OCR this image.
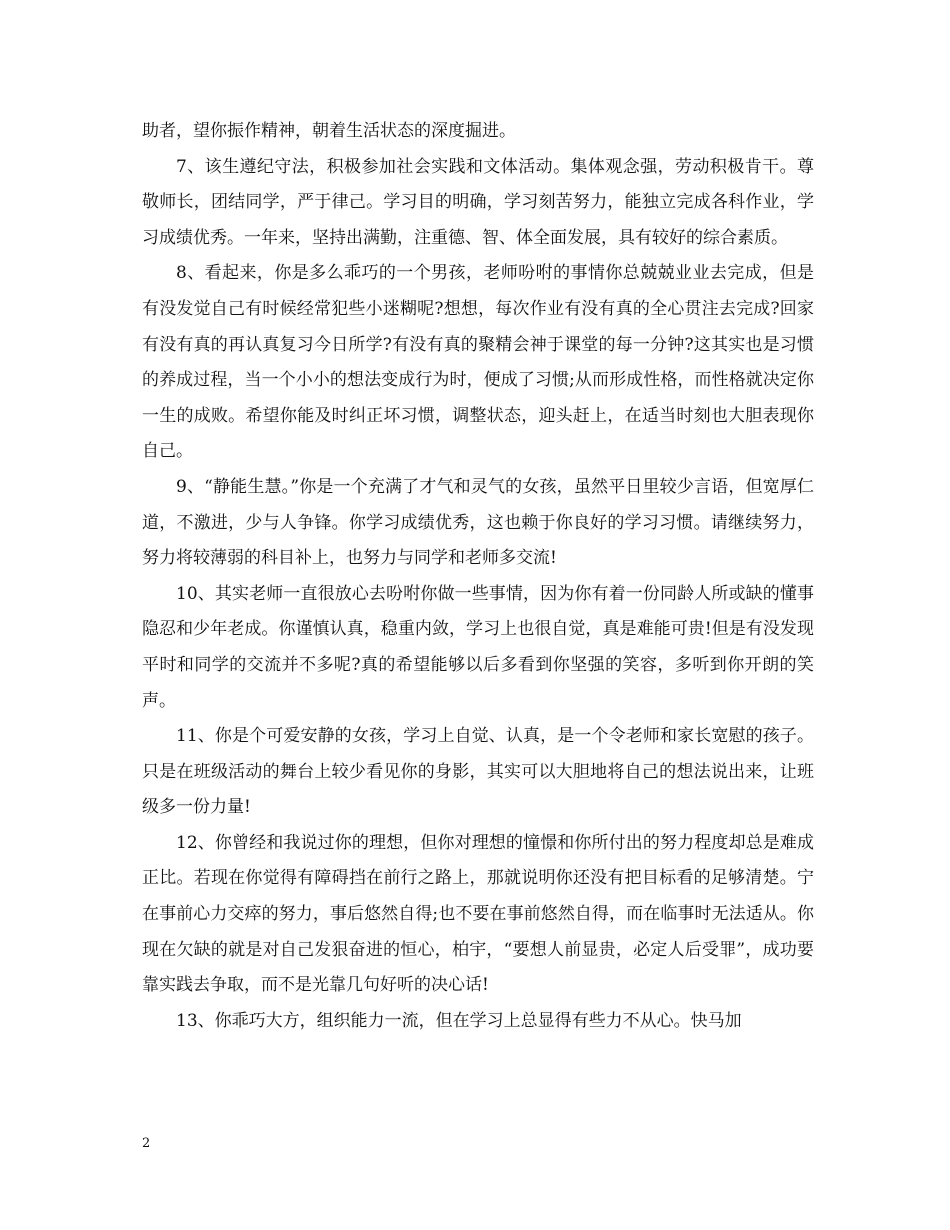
助者，望你振作精神，朝着生活状态的深度掘进。

7、该生遵纪守法，积极参加社会实践和文体活动。集体观念强，劳动积极肯干。尊敬师长，团结同学，严于律己。学习目的明确，学习刻苦努力，能独立完成各科作业，学习成绩优秀。一年来，坚持出满勤，注重德、智、体全面发展，具有较好的综合素质。

8、看起来，你是多么乖巧的一个男孩，老师吩咐的事情你总兢兢业业去完成，但是有没发觉自己有时候经常犯些小迷糊呢?想想，每次作业有没有真的全心贯注去完成?回家有没有真的再认真复习今日所学?有没有真的聚精会神于课堂的每一分钟?这其实也是习惯的养成过程，当一个小小的想法变成行为时，便成了习惯;从而形成性格，而性格就决定你一生的成败。希望你能及时纠正坏习惯，调整状态，迎头赶上，在适当时刻也大胆表现你自己。

9、“静能生慧。”你是一个充满了才气和灵气的女孩，虽然平日里较少言语，但宽厚仁道，不激进，少与人争锋。你学习成绩优秀，这也赖于你良好的学习习惯。请继续努力，努力将较薄弱的科目补上，也努力与同学和老师多交流!

10、其实老师一直很放心去吩咐你做一些事情，因为你有着一份同龄人所或缺的懂事隐忍和少年老成。你谨慎认真，稳重内敛，学习上也很自觉，真是难能可贵!但是有没发现平时和同学的交流并不多呢?真的希望能够以后多看到你坚强的笑容，多听到你开朗的笑声。

11、你是个可爱安静的女孩，学习上自觉、认真，是一个令老师和家长宽慰的孩子。只是在班级活动的舞台上较少看见你的身影，其实可以大胆地将自己的想法说出来，让班级多一份力量!

12、你曾经和我说过你的理想，但你对理想的憧憬和你所付出的努力程度却总是难成正比。若现在你觉得有障碍挡在前行之路上，那就说明你还没有把目标看的足够清楚。宁在事前心力交瘁的努力，事后悠然自得;也不要在事前悠然自得，而在临事时无法适从。你现在欠缺的就是对自己发狠奋进的恒心，柏宇，“要想人前显贵，必定人后受罪”，成功要靠实践去争取，而不是光靠几句好听的决心话!

13、你乖巧大方，组织能力一流，但在学习上总显得有些力不从心。快马加

2
